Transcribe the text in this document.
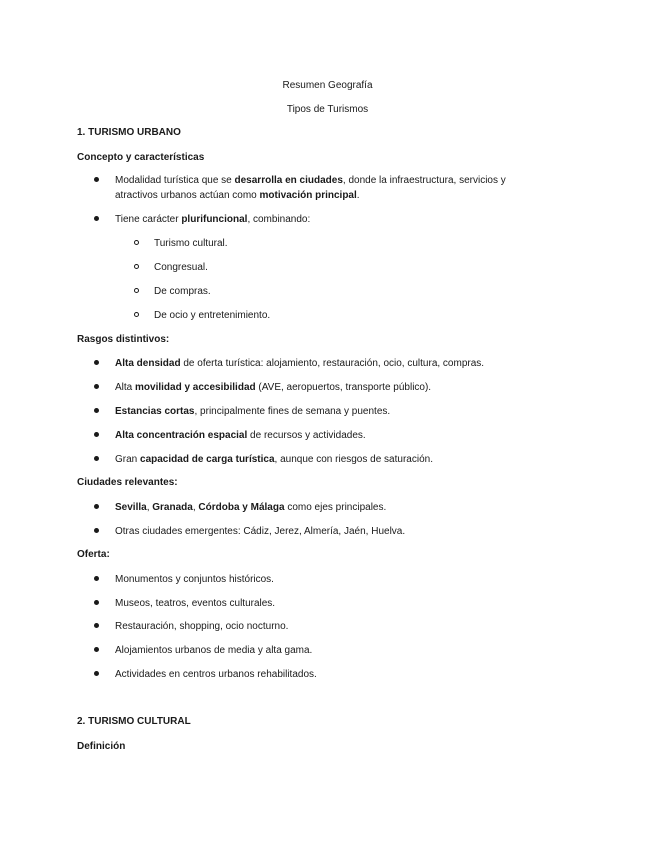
Resumen Geografía
Tipos de Turismos
1. TURISMO URBANO
Concepto y características
Modalidad turística que se desarrolla en ciudades, donde la infraestructura, servicios y
atractivos urbanos actúan como motivación principal.
Tiene carácter plurifuncional, combinando:
Turismo cultural.
Congresual.
De compras.
De ocio y entretenimiento.
Rasgos distintivos:
Alta densidad de oferta turística: alojamiento, restauración, ocio, cultura, compras.
Alta movilidad y accesibilidad (AVE, aeropuertos, transporte público).
Estancias cortas, principalmente fines de semana y puentes.
Alta concentración espacial de recursos y actividades.
Gran capacidad de carga turística, aunque con riesgos de saturación.
Ciudades relevantes:
Sevilla, Granada, Córdoba y Málaga como ejes principales.
Otras ciudades emergentes: Cádiz, Jerez, Almería, Jaén, Huelva.
Oferta:
Monumentos y conjuntos históricos.
Museos, teatros, eventos culturales.
Restauración, shopping, ocio nocturno.
Alojamientos urbanos de media y alta gama.
Actividades en centros urbanos rehabilitados.
2. TURISMO CULTURAL
Definición
